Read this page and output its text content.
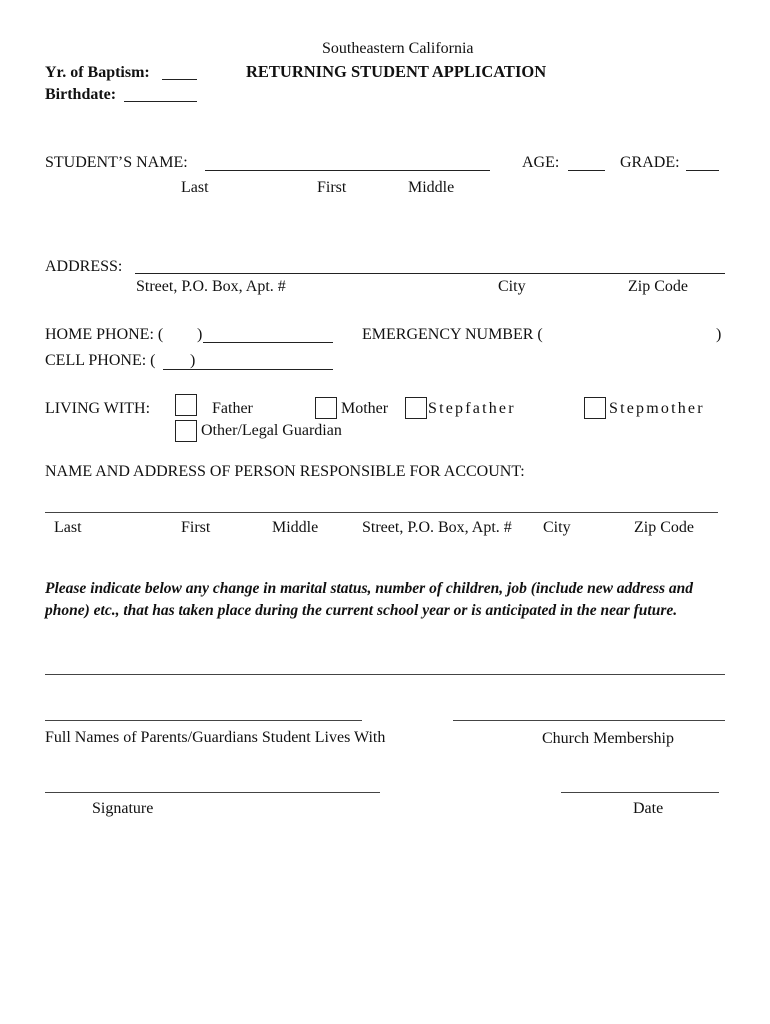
Southeastern California
RETURNING STUDENT APPLICATION
Yr. of Baptism:
Birthdate:
STUDENT’S NAME:	AGE:	GRADE:
Last	First	Middle
ADDRESS:
Street, P.O. Box, Apt. #	City	Zip Code
HOME PHONE: ( )	EMERGENCY NUMBER (	)
CELL PHONE: ( )
LIVING WITH:	Father	Mother Stepfather	Stepmother
Other/Legal Guardian
NAME AND ADDRESS OF PERSON RESPONSIBLE FOR ACCOUNT:
Last	First	Middle	Street, P.O. Box, Apt. # City	Zip Code
Please indicate below any change in marital status, number of children, job (include new address and phone) etc., that has taken place during the current school year or is anticipated in the near future.
Full Names of Parents/Guardians Student Lives With	Church Membership
Signature	Date
